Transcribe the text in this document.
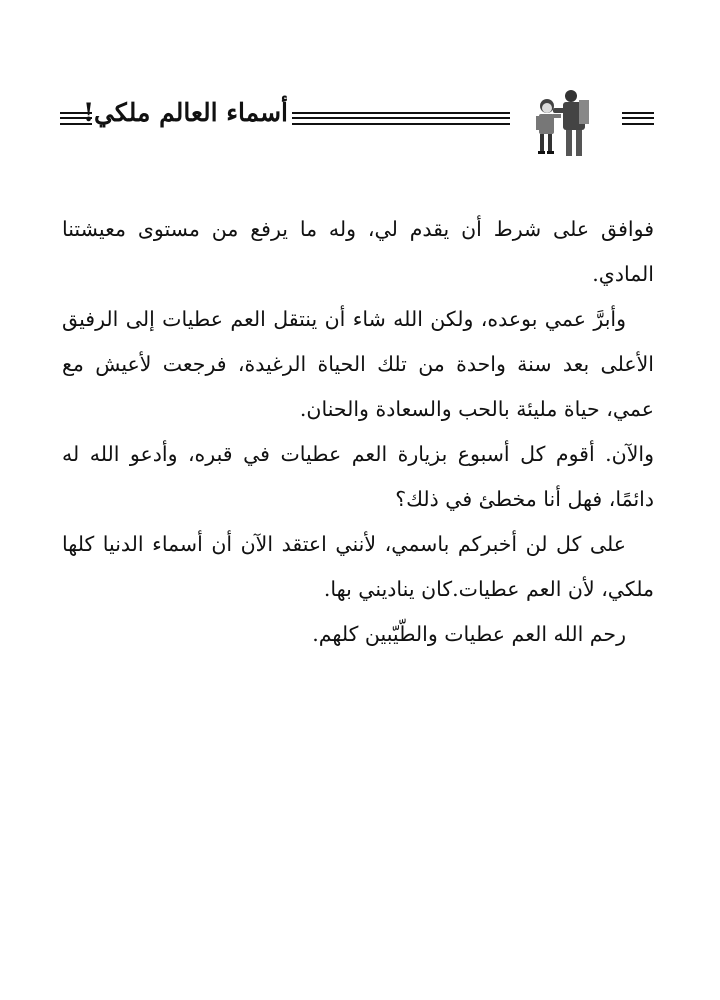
أسماء العالم ملكي!

فوافق على شرط أن يقدم لي، وله ما يرفع من مستوى معيشتنا المادي.

وأبرَّ عمي بوعده، ولكن الله شاء أن ينتقل العم عطيات إلى الرفيق الأعلى بعد سنة واحدة من تلك الحياة الرغيدة، فرجعت لأعيش مع عمي، حياة مليئة بالحب والسعادة والحنان.

والآن. أقوم كل أسبوع بزيارة العم عطيات في قبره، وأدعو الله له دائمًا، فهل أنا مخطئ في ذلك؟

على كل لن أخبركم باسمي، لأنني اعتقد الآن أن أسماء الدنيا كلها ملكي، لأن العم عطيات.كان يناديني بها.

رحم الله العم عطيات والطّيّبين كلهم.
